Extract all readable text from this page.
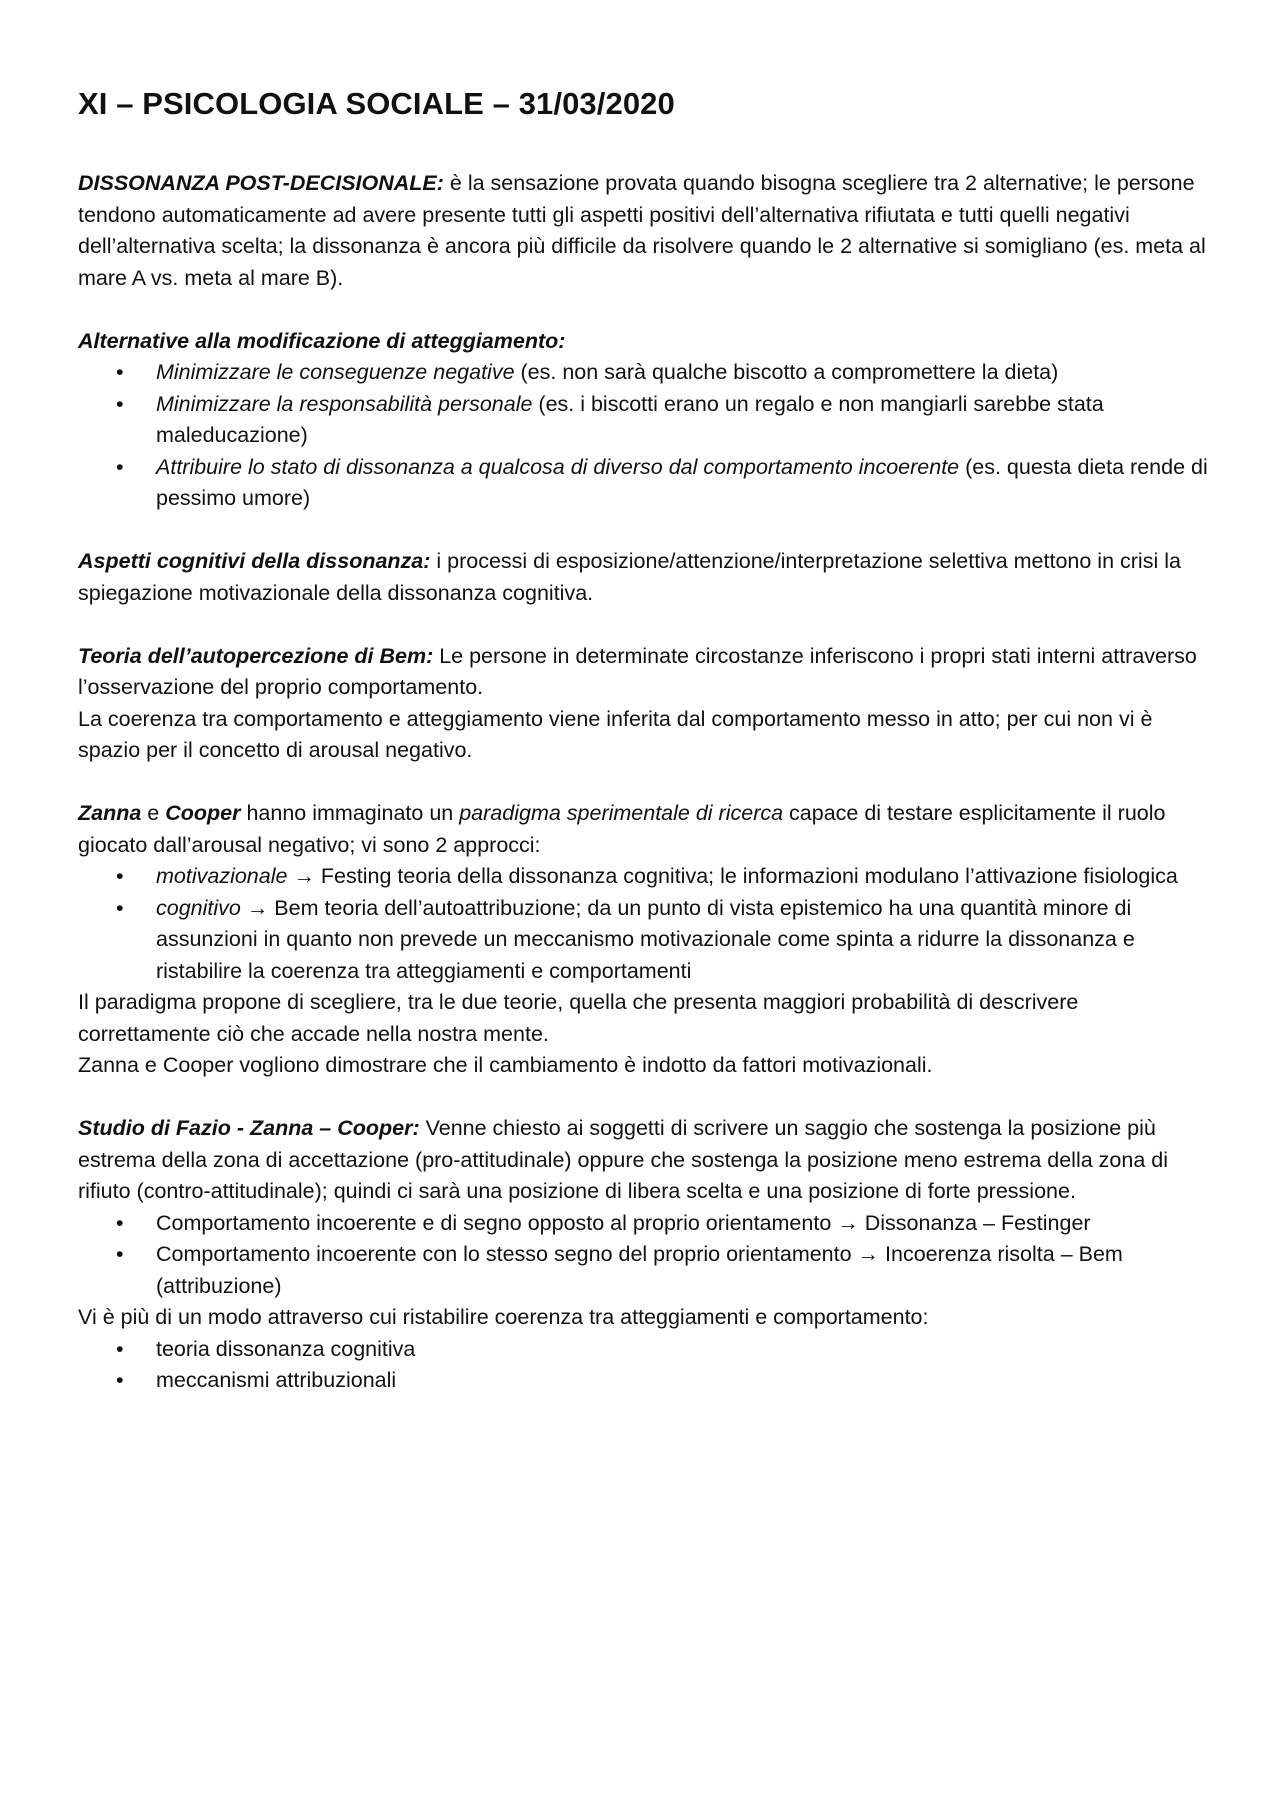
XI – PSICOLOGIA SOCIALE – 31/03/2020

DISSONANZA POST-DECISIONALE: è la sensazione provata quando bisogna scegliere tra 2 alternative; le persone tendono automaticamente ad avere presente tutti gli aspetti positivi dell’alternativa rifiutata e tutti quelli negativi dell’alternativa scelta; la dissonanza è ancora più difficile da risolvere quando le 2 alternative si somigliano (es. meta al mare A vs. meta al mare B).

Alternative alla modificazione di atteggiamento:

• Minimizzare le conseguenze negative (es. non sarà qualche biscotto a compromettere la dieta)
• Minimizzare la responsabilità personale (es. i biscotti erano un regalo e non mangiarli sarebbe stata maleducazione)
• Attribuire lo stato di dissonanza a qualcosa di diverso dal comportamento incoerente (es. questa dieta rende di pessimo umore)

Aspetti cognitivi della dissonanza: i processi di esposizione/attenzione/interpretazione selettiva mettono in crisi la spiegazione motivazionale della dissonanza cognitiva.

Teoria dell’autopercezione di Bem: Le persone in determinate circostanze inferiscono i propri stati interni attraverso l’osservazione del proprio comportamento.

La coerenza tra comportamento e atteggiamento viene inferita dal comportamento messo in atto; per cui non vi è spazio per il concetto di arousal negativo.

Zanna e Cooper hanno immaginato un paradigma sperimentale di ricerca capace di testare esplicitamente il ruolo giocato dall’arousal negativo; vi sono 2 approcci:

• motivazionale → Festing teoria della dissonanza cognitiva; le informazioni modulano l’attivazione fisiologica
• cognitivo → Bem teoria dell’autoattribuzione; da un punto di vista epistemico ha una quantità minore di assunzioni in quanto non prevede un meccanismo motivazionale come spinta a ridurre la dissonanza e ristabilire la coerenza tra atteggiamenti e comportamenti

Il paradigma propone di scegliere, tra le due teorie, quella che presenta maggiori probabilità di descrivere correttamente ciò che accade nella nostra mente.

Zanna e Cooper vogliono dimostrare che il cambiamento è indotto da fattori motivazionali.

Studio di Fazio - Zanna – Cooper: Venne chiesto ai soggetti di scrivere un saggio che sostenga la posizione più estrema della zona di accettazione (pro-attitudinale) oppure che sostenga la posizione meno estrema della zona di rifiuto (contro-attitudinale); quindi ci sarà una posizione di libera scelta e una posizione di forte pressione.

• Comportamento incoerente e di segno opposto al proprio orientamento → Dissonanza – Festinger
• Comportamento incoerente con lo stesso segno del proprio orientamento → Incoerenza risolta – Bem (attribuzione)

Vi è più di un modo attraverso cui ristabilire coerenza tra atteggiamenti e comportamento:

• teoria dissonanza cognitiva
• meccanismi attribuzionali
